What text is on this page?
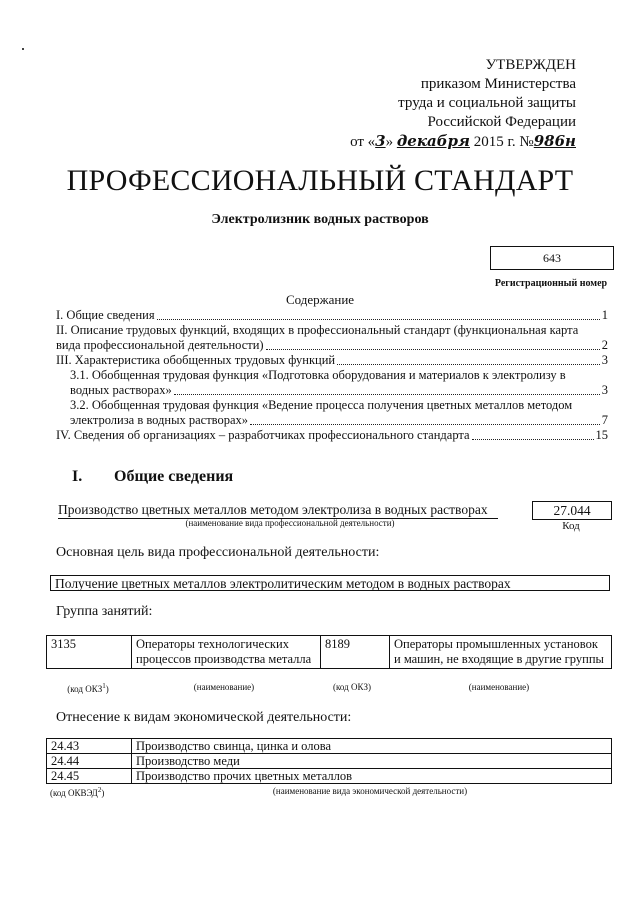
УТВЕРЖДЕН
приказом Министерства
труда и социальной защиты
Российской Федерации
от «3» декабря 2015 г. №986н
ПРОФЕССИОНАЛЬНЫЙ СТАНДАРТ
Электролизник водных растворов
643
Регистрационный номер
Содержание
I. Общие сведения	1
II. Описание трудовых функций, входящих в профессиональный стандарт (функциональная карта
вида профессиональной деятельности)	2
III. Характеристика обобщенных трудовых функций	3
3.1. Обобщенная трудовая функция «Подготовка оборудования и материалов к электролизу в
водных растворах»	3
3.2. Обобщенная трудовая функция «Ведение процесса получения цветных металлов методом
электролиза в водных растворах»	7
IV. Сведения об организациях – разработчиках профессионального стандарта	15
I. Общие сведения
Производство цветных металлов методом электролиза в водных растворах
(наименование вида профессиональной деятельности)
27.044
Код
Основная цель вида профессиональной деятельности:
Получение цветных металлов электролитическим методом в водных растворах
Группа занятий:
3135	Операторы технологических процессов производства металла	8189	Операторы промышленных установок и машин, не входящие в другие группы
(код ОКЗ$^1$)	(наименование)	(код ОКЗ)	(наименование)
Отнесение к видам экономической деятельности:
24.43	Производство свинца, цинка и олова
24.44	Производство меди
24.45	Производство прочих цветных металлов
(код ОКВЭД$^2$)	(наименование вида экономической деятельности)
